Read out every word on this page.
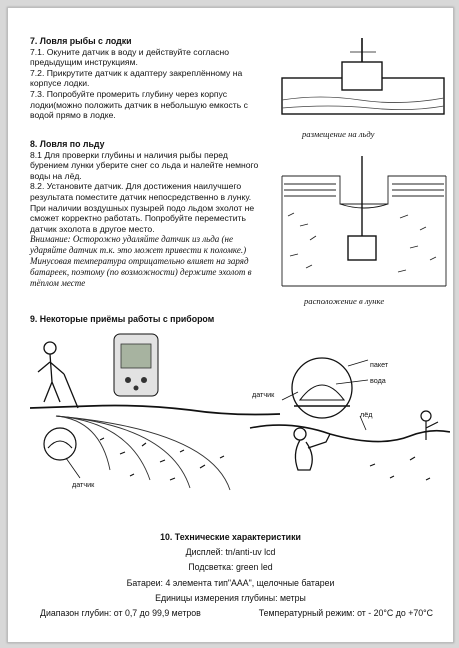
7. Ловля рыбы с лодки

7.1. Окуните датчик в воду и действуйте согласно предыдущим инструкциям.

7.2. Прикрутите датчик к адаптеру закреплённому на корпусе лодки.

7.3. Попробуйте промерить глубину через корпус лодки(можно положить датчик в небольшую емкость с водой прямо в лодке.

размещение на льду

8. Ловля по льду

8.1 Для проверки глубины и наличия рыбы перед бурением лунки уберите снег со льда и налейте немного воды на лёд.

8.2. Установите датчик. Для достижения наилучшего результата поместите датчик непосредственно в лунку. При наличии воздушных пузырей подо льдом эхолот не сможет корректно работать. Попробуйте переместить датчик эхолота в другое место.

Внимание: Осторожно удаляйте датчик из льда (не ударяйте датчик т.к. это может привести к поломке.)

Минусовая температура отрицательно влияет на заряд батареек, поэтому (по возможности) держите эхолот в тёплом месте

расположение в лунке
9. Некоторые приёмы работы с прибором
датчик
пакет
вода
датчик
лёд
10. Технические характеристики
Дисплей: tn/anti-uv lcd
Подсветка: green led
Батареи: 4 элемента тип"ААА", щелочные батареи
Единицы измерения глубины: метры
Диапазон глубин: от 0,7 до 99,9 метров	Температурный режим: от - 20°С до +70°С
